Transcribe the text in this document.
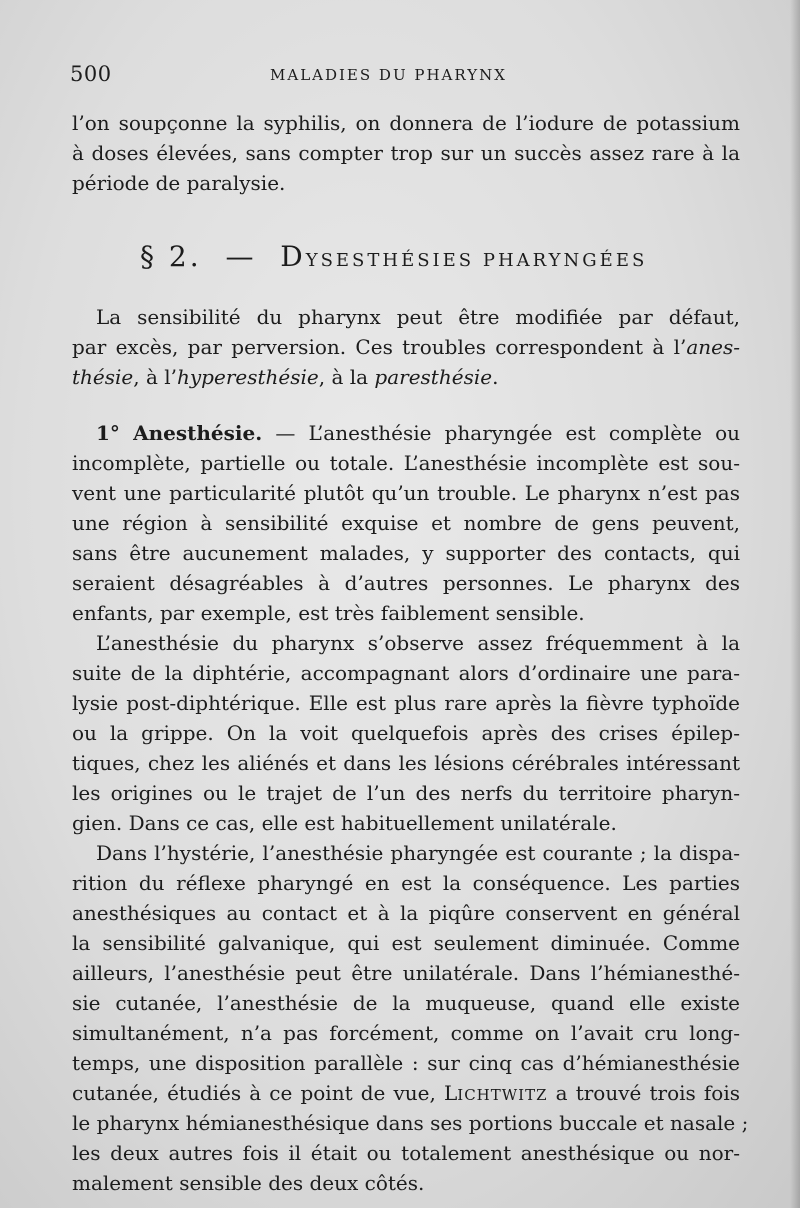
500	MALADIES DU PHARYNX
l’on soupçonne la syphilis, on donnera de l’iodure de potassium
à doses élevées, sans compter trop sur un succès assez rare à la
période de paralysie.
§ 2. — DYSESTHÉSIES PHARYNGÉES
La sensibilité du pharynx peut être modifiée par défaut,
par excès, par perversion. Ces troubles correspondent à l’anes-
thésie, à l’hyperesthésie, à la paresthésie.
1° Anesthésie. — L’anesthésie pharyngée est complète ou
incomplète, partielle ou totale. L’anesthésie incomplète est sou-
vent une particularité plutôt qu’un trouble. Le pharynx n’est pas
une région à sensibilité exquise et nombre de gens peuvent,
sans être aucunement malades, y supporter des contacts, qui
seraient désagréables à d’autres personnes. Le pharynx des
enfants, par exemple, est très faiblement sensible.
L’anesthésie du pharynx s’observe assez fréquemment à la
suite de la diphtérie, accompagnant alors d’ordinaire une para-
lysie post-diphtérique. Elle est plus rare après la fièvre typhoïde
ou la grippe. On la voit quelquefois après des crises épilep-
tiques, chez les aliénés et dans les lésions cérébrales intéressant
les origines ou le trajet de l’un des nerfs du territoire pharyn-
gien. Dans ce cas, elle est habituellement unilatérale.
Dans l’hystérie, l’anesthésie pharyngée est courante ; la dispa-
rition du réflexe pharyngé en est la conséquence. Les parties
anesthésiques au contact et à la piqûre conservent en général
la sensibilité galvanique, qui est seulement diminuée. Comme
ailleurs, l’anesthésie peut être unilatérale. Dans l’hémianesthé-
sie cutanée, l’anesthésie de la muqueuse, quand elle existe
simultanément, n’a pas forcément, comme on l’avait cru long-
temps, une disposition parallèle : sur cinq cas d’hémianesthésie
cutanée, étudiés à ce point de vue, LICHTWITZ a trouvé trois fois
le pharynx hémianesthésique dans ses portions buccale et nasale ;
les deux autres fois il était ou totalement anesthésique ou nor-
malement sensible des deux côtés.
